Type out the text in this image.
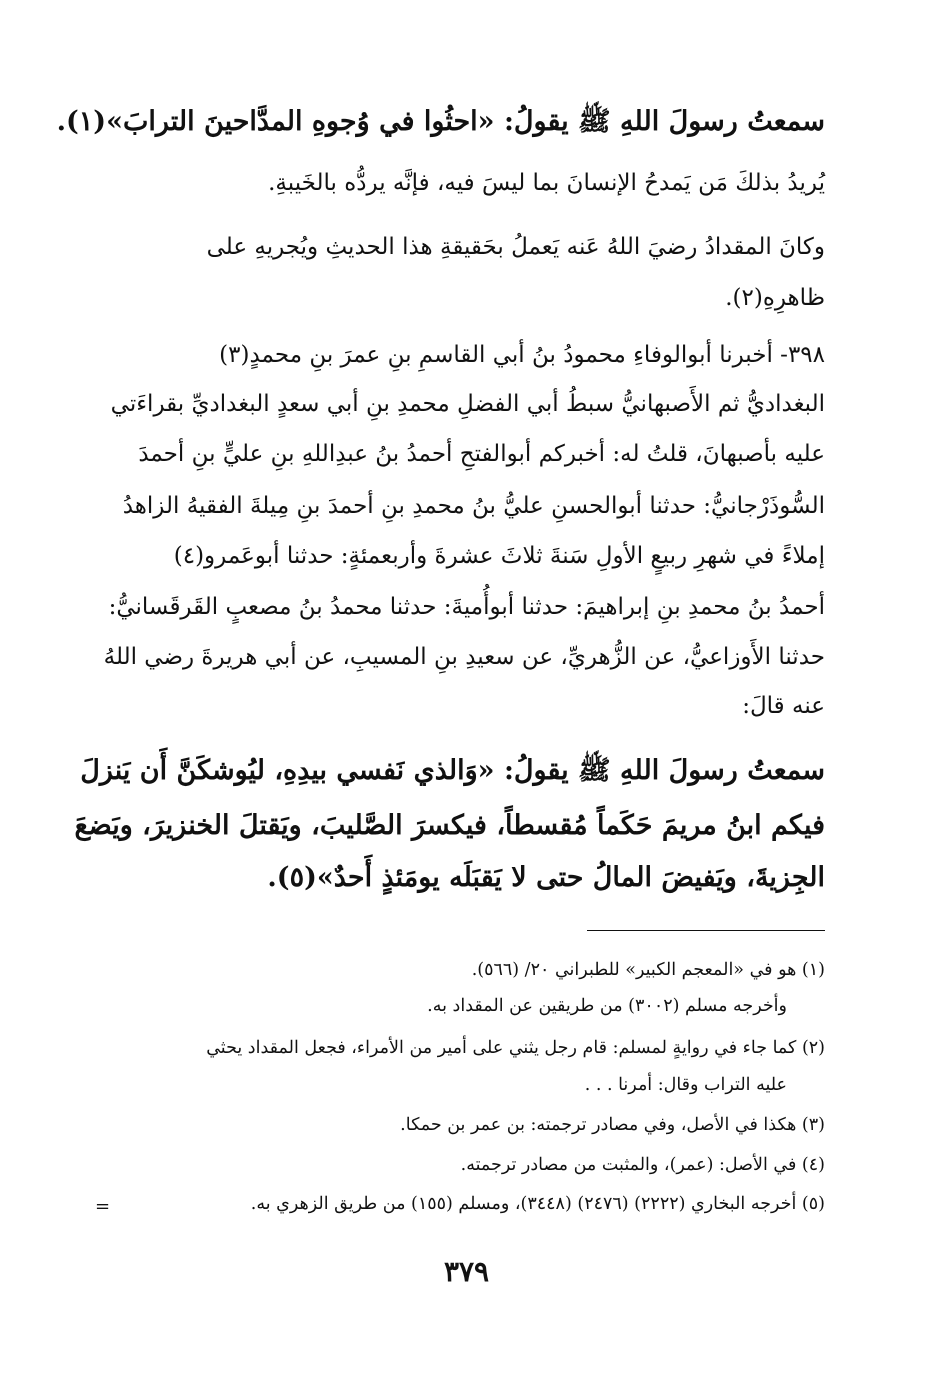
سمعتُ رسولَ اللهِ ﷺ يقولُ: «احثُوا في وُجوهِ المدَّاحينَ الترابَ»(١).

يُريدُ بذلكَ مَن يَمدحُ الإنسانَ بما ليسَ فيه، فإنَّه يردُّه بالخَيبةِ.

وكانَ المقدادُ رضيَ اللهُ عَنه يَعملُ بحَقيقةِ هذا الحديثِ ويُجريهِ على

ظاهرِهِ(٢).

٣٩٨- أخبرنا أبوالوفاءِ محمودُ بنُ أبي القاسمِ بنِ عمرَ بنِ محمدٍ(٣)

البغداديُّ ثم الأَصبهانيُّ سبطُ أبي الفضلِ محمدِ بنِ أبي سعدٍ البغداديِّ بقراءَتي

عليه بأصبهانَ، قلتُ له: أخبركم أبوالفتحِ أحمدُ بنُ عبدِاللهِ بنِ عليٍّ بنِ أحمدَ

السُّوذَرْجانيُّ: حدثنا أبوالحسنِ عليُّ بنُ محمدِ بنِ أحمدَ بنِ مِيلةَ الفقيهُ الزاهدُ

إملاءً في شهرِ ربيعٍ الأولِ سَنةَ ثلاثَ عشرةَ وأربعمئةٍ: حدثنا أبوعَمرو(٤)

أحمدُ بنُ محمدِ بنِ إبراهيمَ: حدثنا أبوأُميةَ: حدثنا محمدُ بنُ مصعبٍ القَرقَسانيُّ:

حدثنا الأَوزاعيُّ، عن الزُّهريِّ، عن سعيدِ بنِ المسيبِ، عن أبي هريرةَ رضي اللهُ

عنه قالَ:

سمعتُ رسولَ اللهِ ﷺ يقولُ: «وَالذي نَفسي بيدِهِ، ليُوشكَنَّ أَن يَنزلَ

فيكم ابنُ مريمَ حَكَماً مُقسطاً، فيكسرَ الصَّليبَ، ويَقتلَ الخنزيرَ، ويَضعَ

الجِزيةَ، ويَفيضَ المالُ حتى لا يَقبَلَه يومَئذٍ أَحدٌ»(٥).

(١) هو في «المعجم الكبير» للطبراني ٢٠/ (٥٦٦).

وأخرجه مسلم (٣٠٠٢) من طريقين عن المقداد به.

(٢) كما جاء في روايةٍ لمسلم: قام رجل يثني على أمير من الأمراء، فجعل المقداد يحثي

عليه التراب وقال: أمرنا . . .

(٣) هكذا في الأصل، وفي مصادر ترجمته: بن عمر بن حمكا.

(٤) في الأصل: (عمر)، والمثبت من مصادر ترجمته.

(٥) أخرجه البخاري (٢٢٢٢) (٢٤٧٦) (٣٤٤٨)، ومسلم (١٥٥) من طريق الزهري به.

=
٣٧٩
